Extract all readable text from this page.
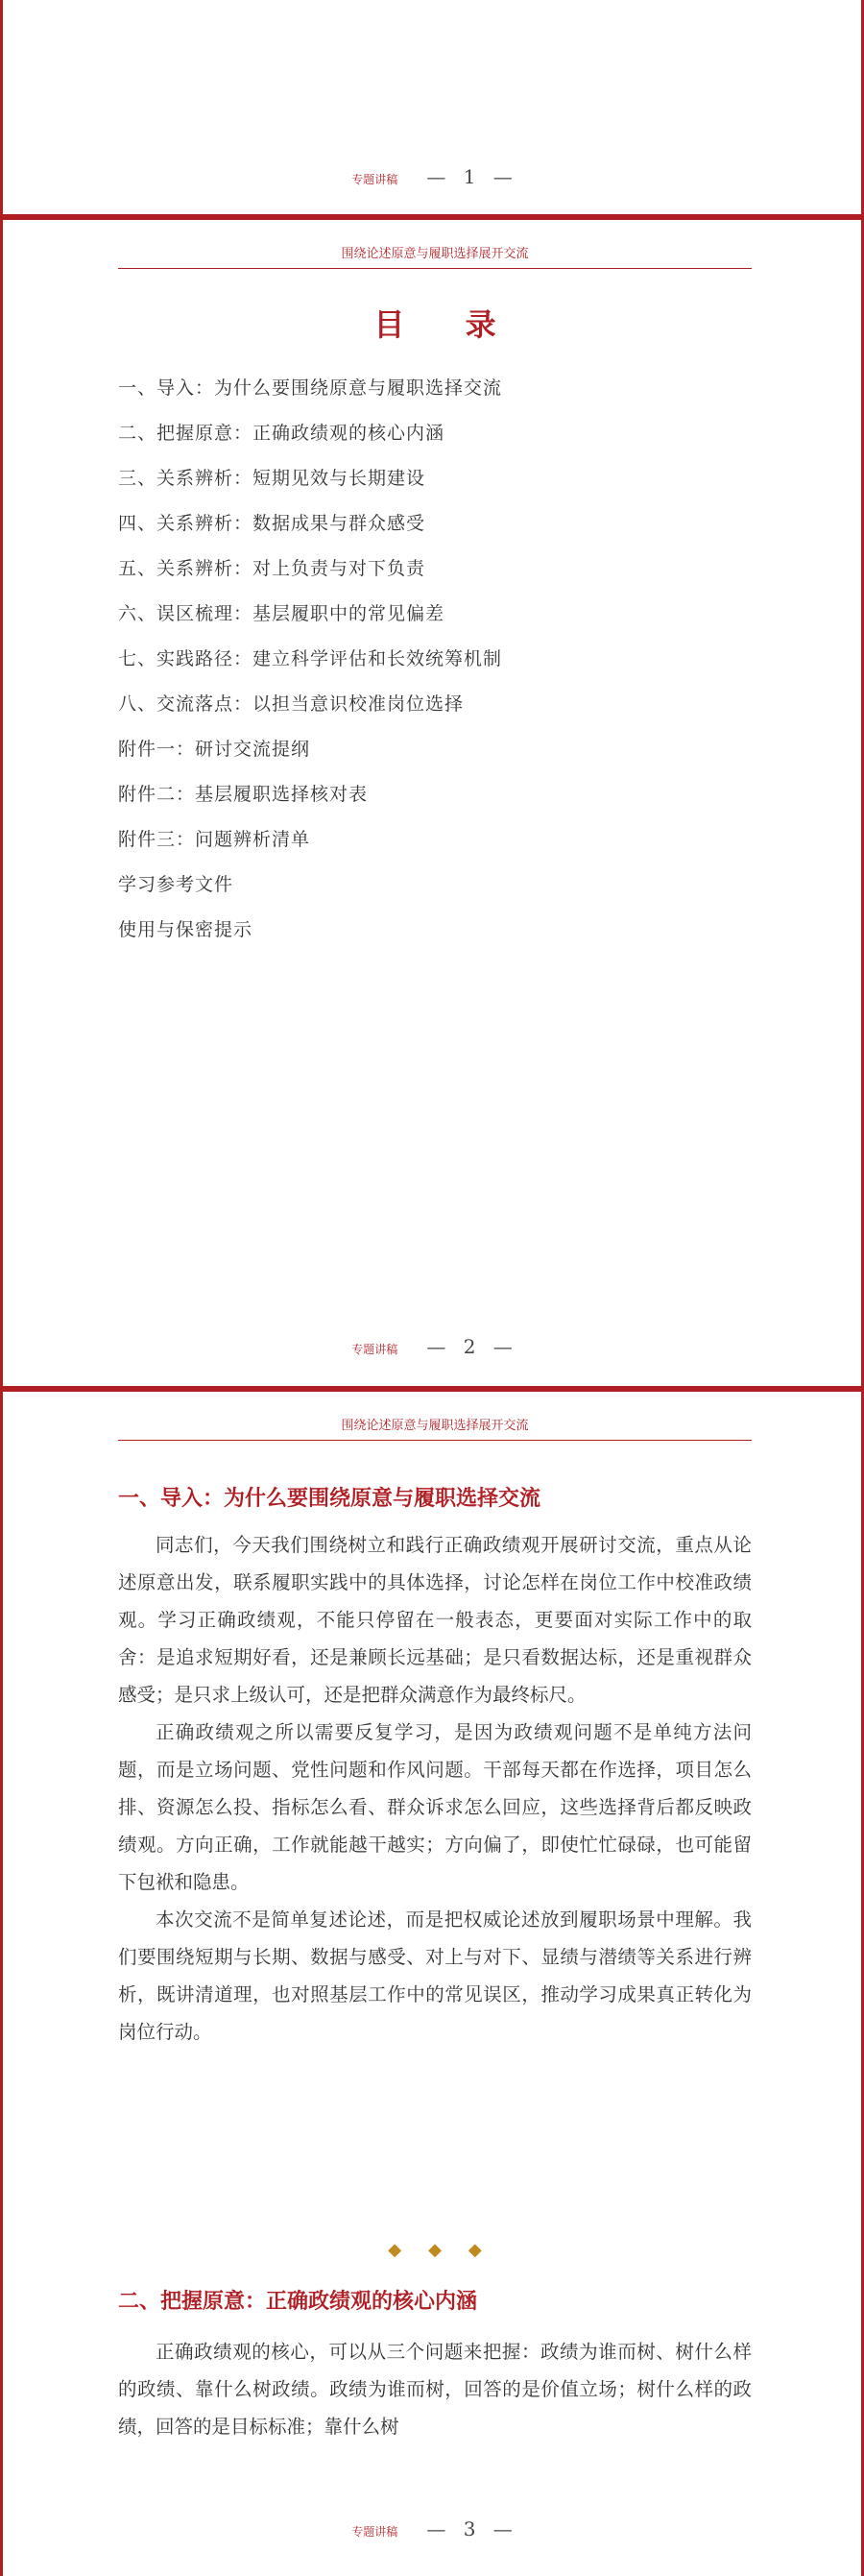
专题讲稿 — 1 —
围绕论述原意与履职选择展开交流
目 录
一、导入：为什么要围绕原意与履职选择交流
二、把握原意：正确政绩观的核心内涵
三、关系辨析：短期见效与长期建设
四、关系辨析：数据成果与群众感受
五、关系辨析：对上负责与对下负责
六、误区梳理：基层履职中的常见偏差
七、实践路径：建立科学评估和长效统筹机制
八、交流落点：以担当意识校准岗位选择
附件一：研讨交流提纲
附件二：基层履职选择核对表
附件三：问题辨析清单
学习参考文件
使用与保密提示
专题讲稿 — 2 —
围绕论述原意与履职选择展开交流
一、导入：为什么要围绕原意与履职选择交流

同志们，今天我们围绕树立和践行正确政绩观开展研讨交流，重点从论述原意出发，联系履职实践中的具体选择，讨论怎样在岗位工作中校准政绩观。学习正确政绩观，不能只停留在一般表态，更要面对实际工作中的取舍：是追求短期好看，还是兼顾长远基础；是只看数据达标，还是重视群众感受；是只求上级认可，还是把群众满意作为最终标尺。

正确政绩观之所以需要反复学习，是因为政绩观问题不是单纯方法问题，而是立场问题、党性问题和作风问题。干部每天都在作选择，项目怎么排、资源怎么投、指标怎么看、群众诉求怎么回应，这些选择背后都反映政绩观。方向正确，工作就能越干越实；方向偏了，即使忙忙碌碌，也可能留下包袱和隐患。

本次交流不是简单复述论述，而是把权威论述放到履职场景中理解。我们要围绕短期与长期、数据与感受、对上与对下、显绩与潜绩等关系进行辨析，既讲清道理，也对照基层工作中的常见误区，推动学习成果真正转化为岗位行动。

◆◆◆
二、把握原意：正确政绩观的核心内涵

正确政绩观的核心，可以从三个问题来把握：政绩为谁而树、树什么样的政绩、靠什么树政绩。政绩为谁而树，回答的是价值立场；树什么样的政绩，回答的是目标标准；靠什么树

专题讲稿 — 3 —
